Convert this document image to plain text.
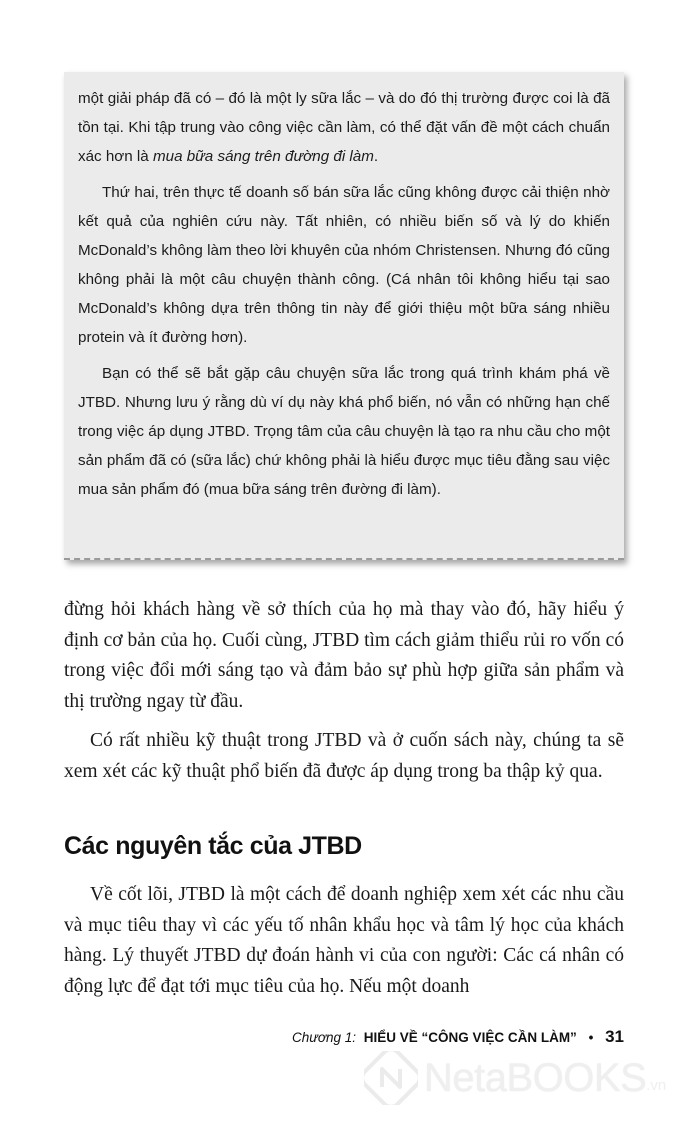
một giải pháp đã có – đó là một ly sữa lắc – và do đó thị trường được coi là đã tồn tại. Khi tập trung vào công việc cần làm, có thể đặt vấn đề một cách chuẩn xác hơn là mua bữa sáng trên đường đi làm.

Thứ hai, trên thực tế doanh số bán sữa lắc cũng không được cải thiện nhờ kết quả của nghiên cứu này. Tất nhiên, có nhiều biến số và lý do khiến McDonald’s không làm theo lời khuyên của nhóm Christensen. Nhưng đó cũng không phải là một câu chuyện thành công. (Cá nhân tôi không hiểu tại sao McDonald’s không dựa trên thông tin này để giới thiệu một bữa sáng nhiều protein và ít đường hơn).

Bạn có thể sẽ bắt gặp câu chuyện sữa lắc trong quá trình khám phá về JTBD. Nhưng lưu ý rằng dù ví dụ này khá phổ biến, nó vẫn có những hạn chế trong việc áp dụng JTBD. Trọng tâm của câu chuyện là tạo ra nhu cầu cho một sản phẩm đã có (sữa lắc) chứ không phải là hiểu được mục tiêu đằng sau việc mua sản phẩm đó (mua bữa sáng trên đường đi làm).

đừng hỏi khách hàng về sở thích của họ mà thay vào đó, hãy hiểu ý định cơ bản của họ. Cuối cùng, JTBD tìm cách giảm thiểu rủi ro vốn có trong việc đổi mới sáng tạo và đảm bảo sự phù hợp giữa sản phẩm và thị trường ngay từ đầu.

Có rất nhiều kỹ thuật trong JTBD và ở cuốn sách này, chúng ta sẽ xem xét các kỹ thuật phổ biến đã được áp dụng trong ba thập kỷ qua.

Các nguyên tắc của JTBD

Về cốt lõi, JTBD là một cách để doanh nghiệp xem xét các nhu cầu và mục tiêu thay vì các yếu tố nhân khẩu học và tâm lý học của khách hàng. Lý thuyết JTBD dự đoán hành vi của con người: Các cá nhân có động lực để đạt tới mục tiêu của họ. Nếu một doanh

Chương 1: HIỂU VỀ “CÔNG VIỆC CẦN LÀM” • 31
NetaBOOKS .vn
